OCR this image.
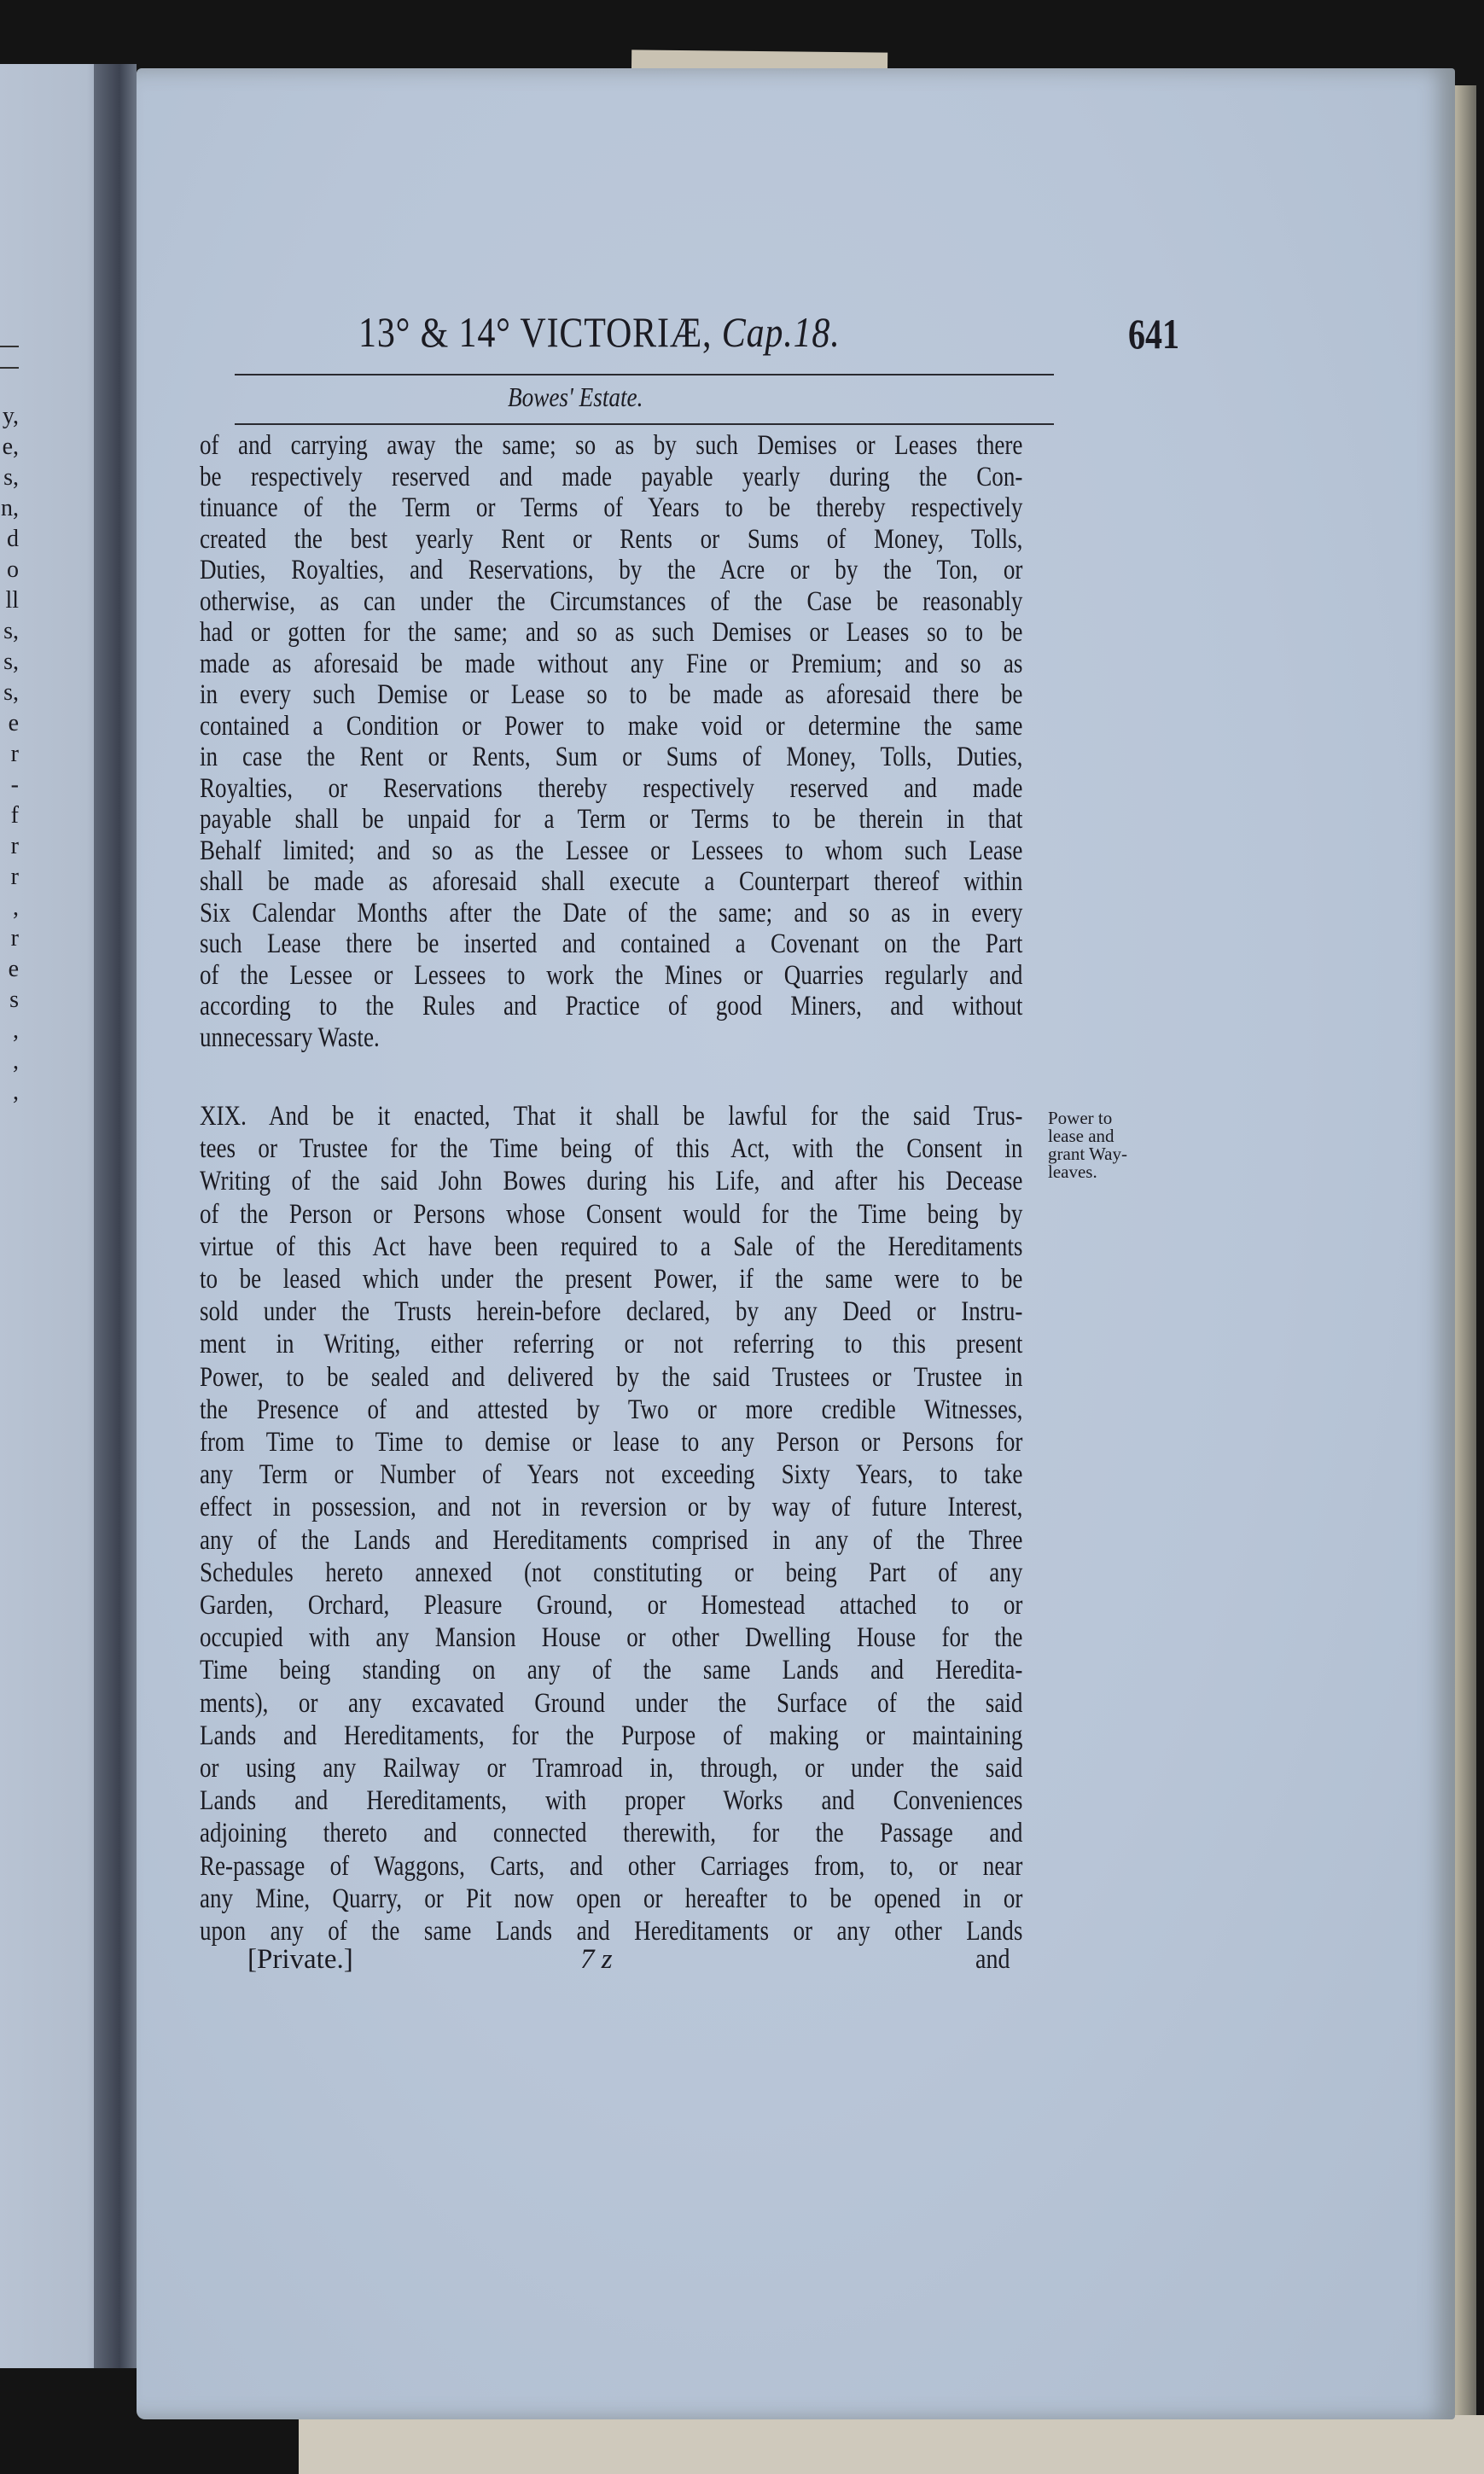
y,
e,
s,
n,
d
o
ll
s,
s,
s,
e
r
-
f
r
r
,
r
e
s
,
,
,
13° & 14° VICTORIÆ, Cap.18.	641
Bowes' Estate.
of and carrying away the same; so as by such Demises or Leases there
be respectively reserved and made payable yearly during the Con-
tinuance of the Term or Terms of Years to be thereby respectively
created the best yearly Rent or Rents or Sums of Money, Tolls,
Duties, Royalties, and Reservations, by the Acre or by the Ton, or
otherwise, as can under the Circumstances of the Case be reasonably
had or gotten for the same; and so as such Demises or Leases so to be
made as aforesaid be made without any Fine or Premium; and so as
in every such Demise or Lease so to be made as aforesaid there be
contained a Condition or Power to make void or determine the same
in case the Rent or Rents, Sum or Sums of Money, Tolls, Duties,
Royalties, or Reservations thereby respectively reserved and made
payable shall be unpaid for a Term or Terms to be therein in that
Behalf limited; and so as the Lessee or Lessees to whom such Lease
shall be made as aforesaid shall execute a Counterpart thereof within
Six Calendar Months after the Date of the same; and so as in every
such Lease there be inserted and contained a Covenant on the Part
of the Lessee or Lessees to work the Mines or Quarries regularly and
according to the Rules and Practice of good Miners, and without
unnecessary Waste.
XIX. And be it enacted, That it shall be lawful for the said Trus-
tees or Trustee for the Time being of this Act, with the Consent in
Writing of the said John Bowes during his Life, and after his Decease
of the Person or Persons whose Consent would for the Time being by
virtue of this Act have been required to a Sale of the Hereditaments
to be leased which under the present Power, if the same were to be
sold under the Trusts herein-before declared, by any Deed or Instru-
ment in Writing, either referring or not referring to this present
Power, to be sealed and delivered by the said Trustees or Trustee in
the Presence of and attested by Two or more credible Witnesses,
from Time to Time to demise or lease to any Person or Persons for
any Term or Number of Years not exceeding Sixty Years, to take
effect in possession, and not in reversion or by way of future Interest,
any of the Lands and Hereditaments comprised in any of the Three
Schedules hereto annexed (not constituting or being Part of any
Garden, Orchard, Pleasure Ground, or Homestead attached to or
occupied with any Mansion House or other Dwelling House for the
Time being standing on any of the same Lands and Heredita-
ments), or any excavated Ground under the Surface of the said
Lands and Hereditaments, for the Purpose of making or maintaining
or using any Railway or Tramroad in, through, or under the said
Lands and Hereditaments, with proper Works and Conveniences
adjoining thereto and connected therewith, for the Passage and
Re-passage of Waggons, Carts, and other Carriages from, to, or near
any Mine, Quarry, or Pit now open or hereafter to be opened in or
upon any of the same Lands and Hereditaments or any other Lands
Power to
lease and
grant Way-
leaves.
[Private.]	7 z	and
